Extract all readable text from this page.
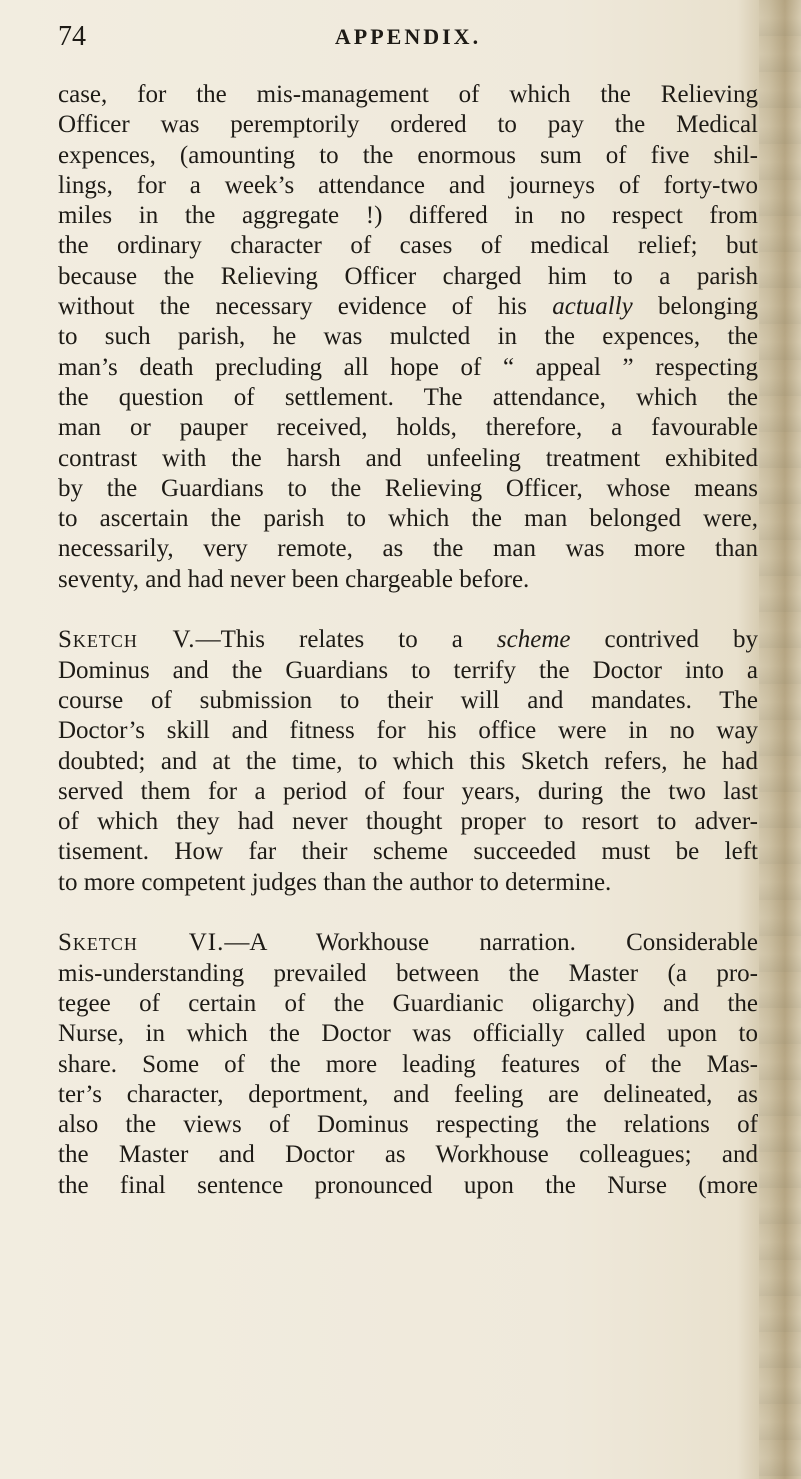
74	APPENDIX.
case, for the mis-management of which the Relieving
Officer was peremptorily ordered to pay the Medical
expences, (amounting to the enormous sum of five shil-
lings, for a week’s attendance and journeys of forty-two
miles in the aggregate !) differed in no respect from
the ordinary character of cases of medical relief; but
because the Relieving Officer charged him to a parish
without the necessary evidence of his actually belonging
to such parish, he was mulcted in the expences, the
man’s death precluding all hope of “ appeal ” respecting
the question of settlement. The attendance, which the
man or pauper received, holds, therefore, a favourable
contrast with the harsh and unfeeling treatment exhibited
by the Guardians to the Relieving Officer, whose means
to ascertain the parish to which the man belonged were,
necessarily, very remote, as the man was more than
seventy, and had never been chargeable before.
Sketch V.—This relates to a scheme contrived by
Dominus and the Guardians to terrify the Doctor into a
course of submission to their will and mandates. The
Doctor’s skill and fitness for his office were in no way
doubted; and at the time, to which this Sketch refers, he had
served them for a period of four years, during the two last
of which they had never thought proper to resort to adver-
tisement. How far their scheme succeeded must be left
to more competent judges than the author to determine.
Sketch VI.—A Workhouse narration. Considerable
mis-understanding prevailed between the Master (a pro-
tegee of certain of the Guardianic oligarchy) and the
Nurse, in which the Doctor was officially called upon to
share. Some of the more leading features of the Mas-
ter’s character, deportment, and feeling are delineated, as
also the views of Dominus respecting the relations of
the Master and Doctor as Workhouse colleagues; and
the final sentence pronounced upon the Nurse (more
